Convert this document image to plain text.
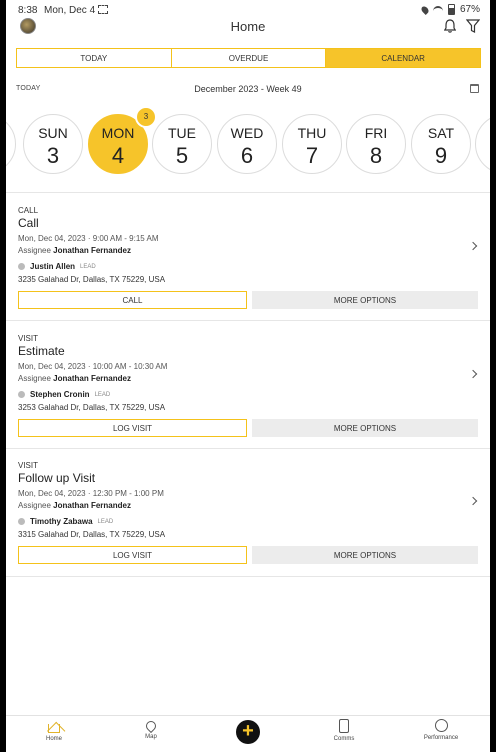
8:38 Mon, Dec 4	67%
Home
TODAY	OVERDUE	CALENDAR
TODAY	December 2023 - Week 49
SUN
3
MON
4
TUE
5
WED
6
THU
7
FRI
8
SAT
9
3
CALL
Call
Mon, Dec 04, 2023 · 9:00 AM - 9:15 AM
Assignee Jonathan Fernandez
Justin Allen LEAD
3235 Galahad Dr, Dallas, TX 75229, USA
CALL	MORE OPTIONS
VISIT
Estimate
Mon, Dec 04, 2023 · 10:00 AM - 10:30 AM
Assignee Jonathan Fernandez
Stephen Cronin LEAD
3253 Galahad Dr, Dallas, TX 75229, USA
LOG VISIT	MORE OPTIONS
VISIT
Follow up Visit
Mon, Dec 04, 2023 · 12:30 PM - 1:00 PM
Assignee Jonathan Fernandez
Timothy Zabawa LEAD
3315 Galahad Dr, Dallas, TX 75229, USA
LOG VISIT	MORE OPTIONS
Home	Map	+	Comms	Performance
